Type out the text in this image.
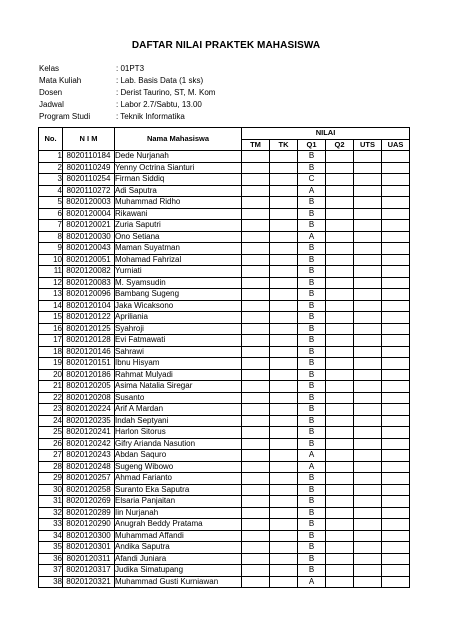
DAFTAR NILAI PRAKTEK MAHASISWA
Kelas	: 01PT3
Mata Kuliah	: Lab. Basis Data (1 sks)
Dosen	: Derist Taurino, ST, M. Kom
Jadwal	: Labor 2.7/Sabtu, 13.00
Program Studi	: Teknik Informatika
No.	N I M	Nama Mahasiswa	NILAI					
			TM	TK	Q1	Q2	UTS	UAS
1	8020110184	Dede Nurjanah			B			
2	8020110249	Yenny Octrina Sianturi			B			
3	8020110254	Firman Siddiq			C			
4	8020110272	Adi Saputra			A			
5	8020120003	Muhammad Ridho			B			
6	8020120004	Rikawani			B			
7	8020120021	Zuria Saputri			B			
8	8020120030	Ono Setiana			A			
9	8020120043	Maman Suyatman			B			
10	8020120051	Mohamad Fahrizal			B			
11	8020120082	Yurniati			B			
12	8020120083	M. Syamsudin			B			
13	8020120096	Bambang Sugeng			B			
14	8020120104	Jaka Wicaksono			B			
15	8020120122	Apriliania			B			
16	8020120125	Syahroji			B			
17	8020120128	Evi Fatmawati			B			
18	8020120146	Sahrawi			B			
19	8020120151	Ibnu Hisyam			B			
20	8020120186	Rahmat Mulyadi			B			
21	8020120205	Asima Natalia Siregar			B			
22	8020120208	Susanto			B			
23	8020120224	Arif A Mardan			B			
24	8020120235	Indah Septyani			B			
25	8020120241	Harlon Sitorus			B			
26	8020120242	Gifry Arianda Nasution			B			
27	8020120243	Abdan Saquro			A			
28	8020120248	Sugeng Wibowo			A			
29	8020120257	Ahmad Farianto			B			
30	8020120258	Suranto Eka Saputra			B			
31	8020120269	Elsaria Panjaitan			B			
32	8020120289	Iin Nurjanah			B			
33	8020120290	Anugrah Beddy Pratama			B			
34	8020120300	Muhammad Affandi			B			
35	8020120301	Andika Saputra			B			
36	8020120311	Afandi Juniara			B			
37	8020120317	Judika Simatupang			B			
38	8020120321	Muhammad Gusti Kurniawan			A			
